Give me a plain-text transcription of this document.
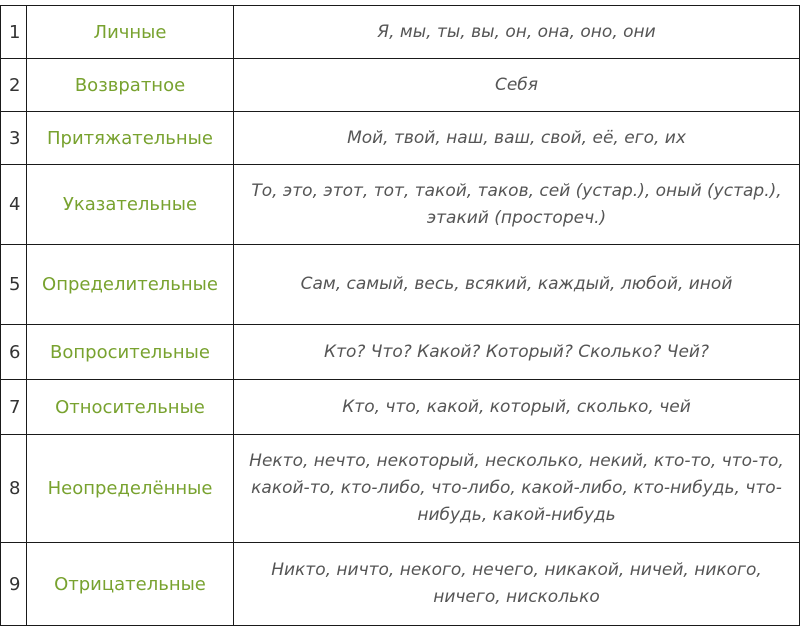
1	Личные	Я, мы, ты, вы, он, она, оно, они
2	Возвратное	Себя
3	Притяжательные	Мой, твой, наш, ваш, свой, её, его, их
4	Указательные	То, это, этот, тот, такой, таков, сей (устар.), оный (устар.), этакий (простореч.)
5	Определительные	Сам, самый, весь, всякий, каждый, любой, иной
6	Вопросительные	Кто? Что? Какой? Который? Сколько? Чей?
7	Относительные	Кто, что, какой, который, сколько, чей
8	Неопределённые	Некто, нечто, некоторый, несколько, некий, кто-то, что-то, какой-то, кто-либо, что-либо, какой-либо, кто-нибудь, что-нибудь, какой-нибудь
9	Отрицательные	Никто, ничто, некого, нечего, никакой, ничей, никого, ничего, нисколько
